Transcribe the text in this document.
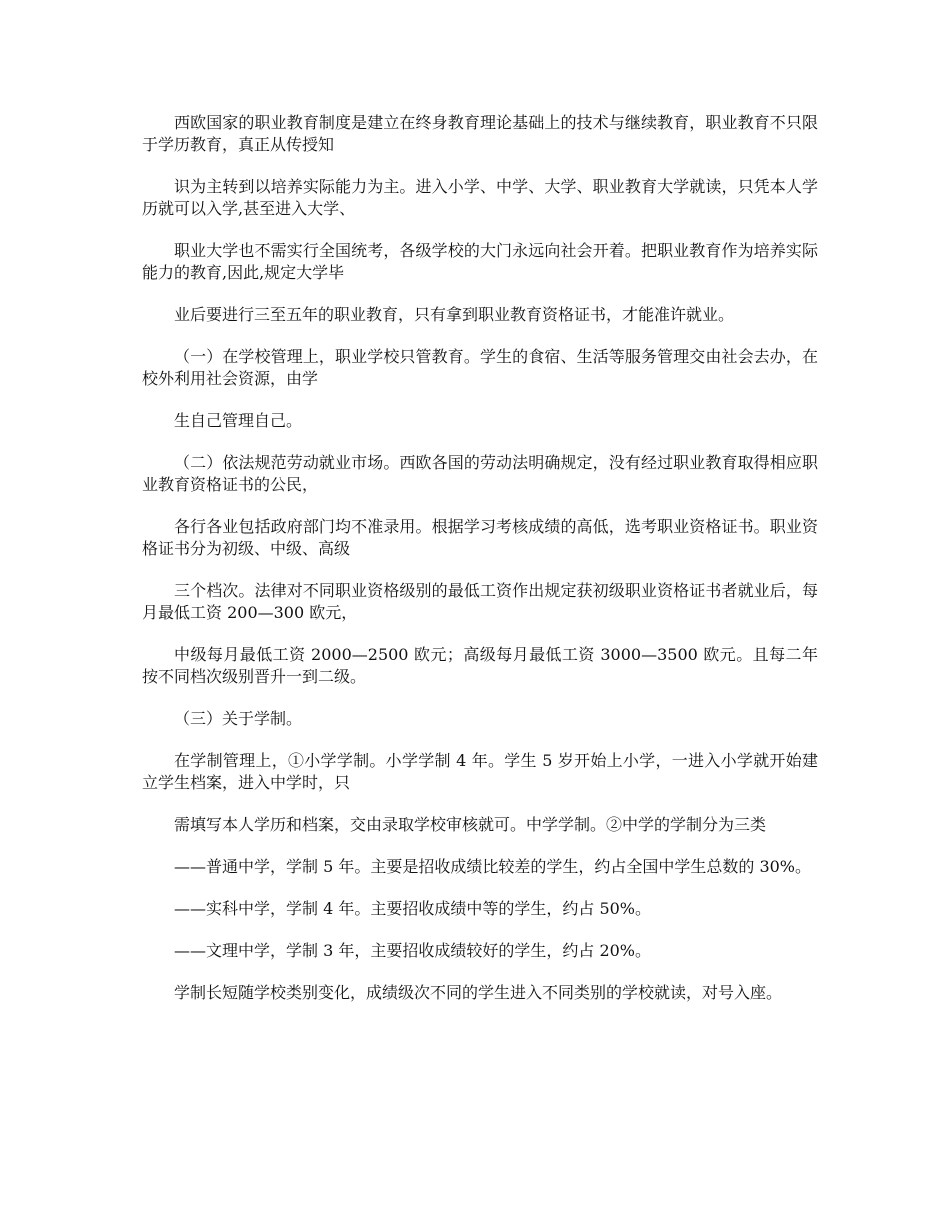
西欧国家的职业教育制度是建立在终身教育理论基础上的技术与继续教育，职业教育不只限于学历教育，真正从传授知

识为主转到以培养实际能力为主。进入小学、中学、大学、职业教育大学就读，只凭本人学历就可以入学,甚至进入大学、

职业大学也不需实行全国统考，各级学校的大门永远向社会开着。把职业教育作为培养实际能力的教育,因此,规定大学毕

业后要进行三至五年的职业教育，只有拿到职业教育资格证书，才能准许就业。

（一）在学校管理上，职业学校只管教育。学生的食宿、生活等服务管理交由社会去办，在校外利用社会资源，由学

生自己管理自己。

（二）依法规范劳动就业市场。西欧各国的劳动法明确规定，没有经过职业教育取得相应职业教育资格证书的公民，

各行各业包括政府部门均不准录用。根据学习考核成绩的高低，选考职业资格证书。职业资格证书分为初级、中级、高级

三个档次。法律对不同职业资格级别的最低工资作出规定获初级职业资格证书者就业后，每月最低工资 200—300 欧元，

中级每月最低工资 2000—2500 欧元；高级每月最低工资 3000—3500 欧元。且每二年按不同档次级别晋升一到二级。

（三）关于学制。

在学制管理上，①小学学制。小学学制 4 年。学生 5 岁开始上小学，一进入小学就开始建立学生档案，进入中学时，只

需填写本人学历和档案，交由录取学校审核就可。中学学制。②中学的学制分为三类

——普通中学，学制 5 年。主要是招收成绩比较差的学生，约占全国中学生总数的 30%。

——实科中学，学制 4 年。主要招收成绩中等的学生，约占 50%。

——文理中学，学制 3 年，主要招收成绩较好的学生，约占 20%。

学制长短随学校类别变化，成绩级次不同的学生进入不同类别的学校就读，对号入座。
